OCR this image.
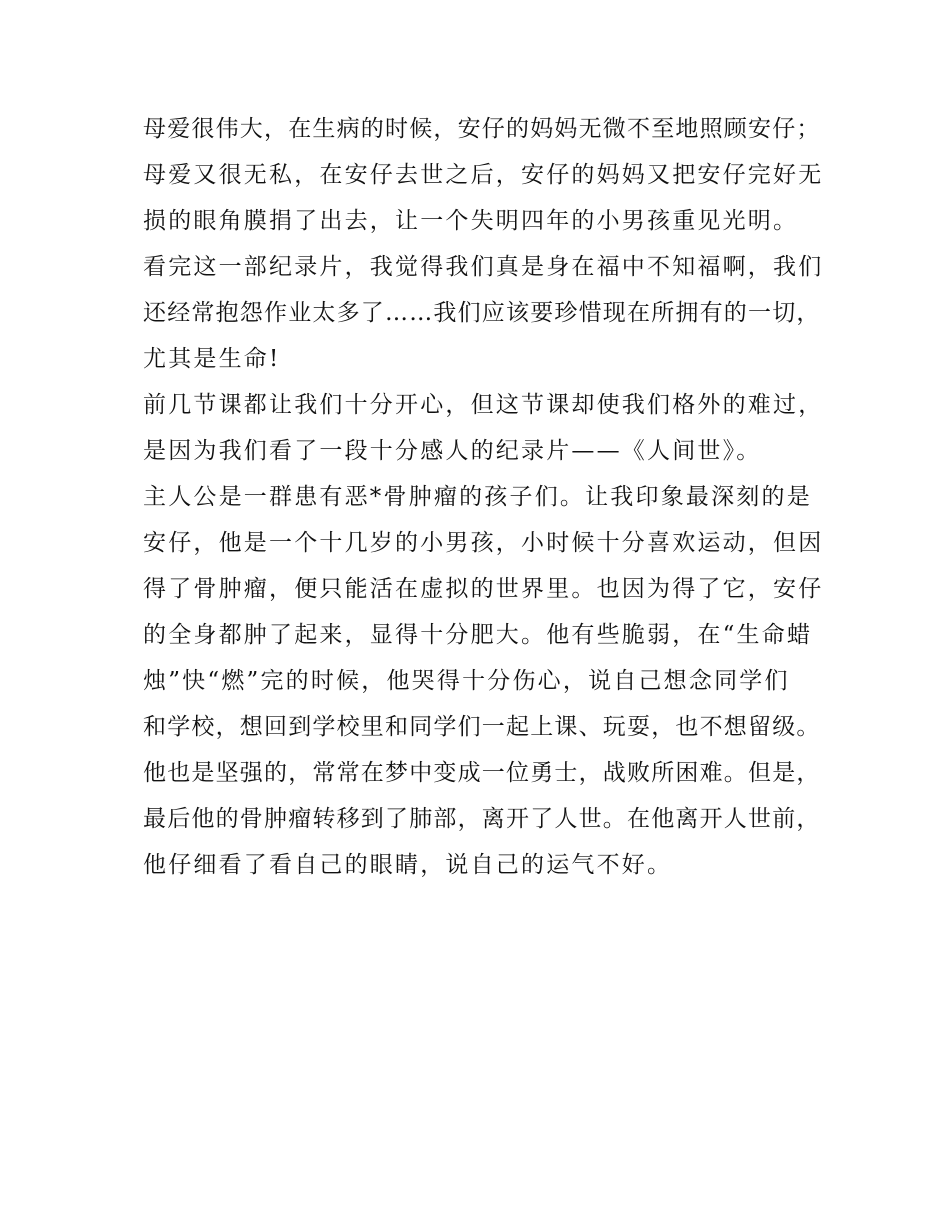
母爱很伟大，在生病的时候，安仔的妈妈无微不至地照顾安仔；
母爱又很无私，在安仔去世之后，安仔的妈妈又把安仔完好无
损的眼角膜捐了出去，让一个失明四年的小男孩重见光明。
看完这一部纪录片，我觉得我们真是身在福中不知福啊，我们
还经常抱怨作业太多了……我们应该要珍惜现在所拥有的一切，
尤其是生命!
前几节课都让我们十分开心，但这节课却使我们格外的难过，
是因为我们看了一段十分感人的纪录片——《人间世》。
主人公是一群患有恶*骨肿瘤的孩子们。让我印象最深刻的是
安仔，他是一个十几岁的小男孩，小时候十分喜欢运动，但因
得了骨肿瘤，便只能活在虚拟的世界里。也因为得了它，安仔
的全身都肿了起来，显得十分肥大。他有些脆弱，在“生命蜡
烛”快“燃”完的时候，他哭得十分伤心，说自己想念同学们
和学校，想回到学校里和同学们一起上课、玩耍，也不想留级。
他也是坚强的，常常在梦中变成一位勇士，战败所困难。但是，
最后他的骨肿瘤转移到了肺部，离开了人世。在他离开人世前，
他仔细看了看自己的眼睛，说自己的运气不好。
